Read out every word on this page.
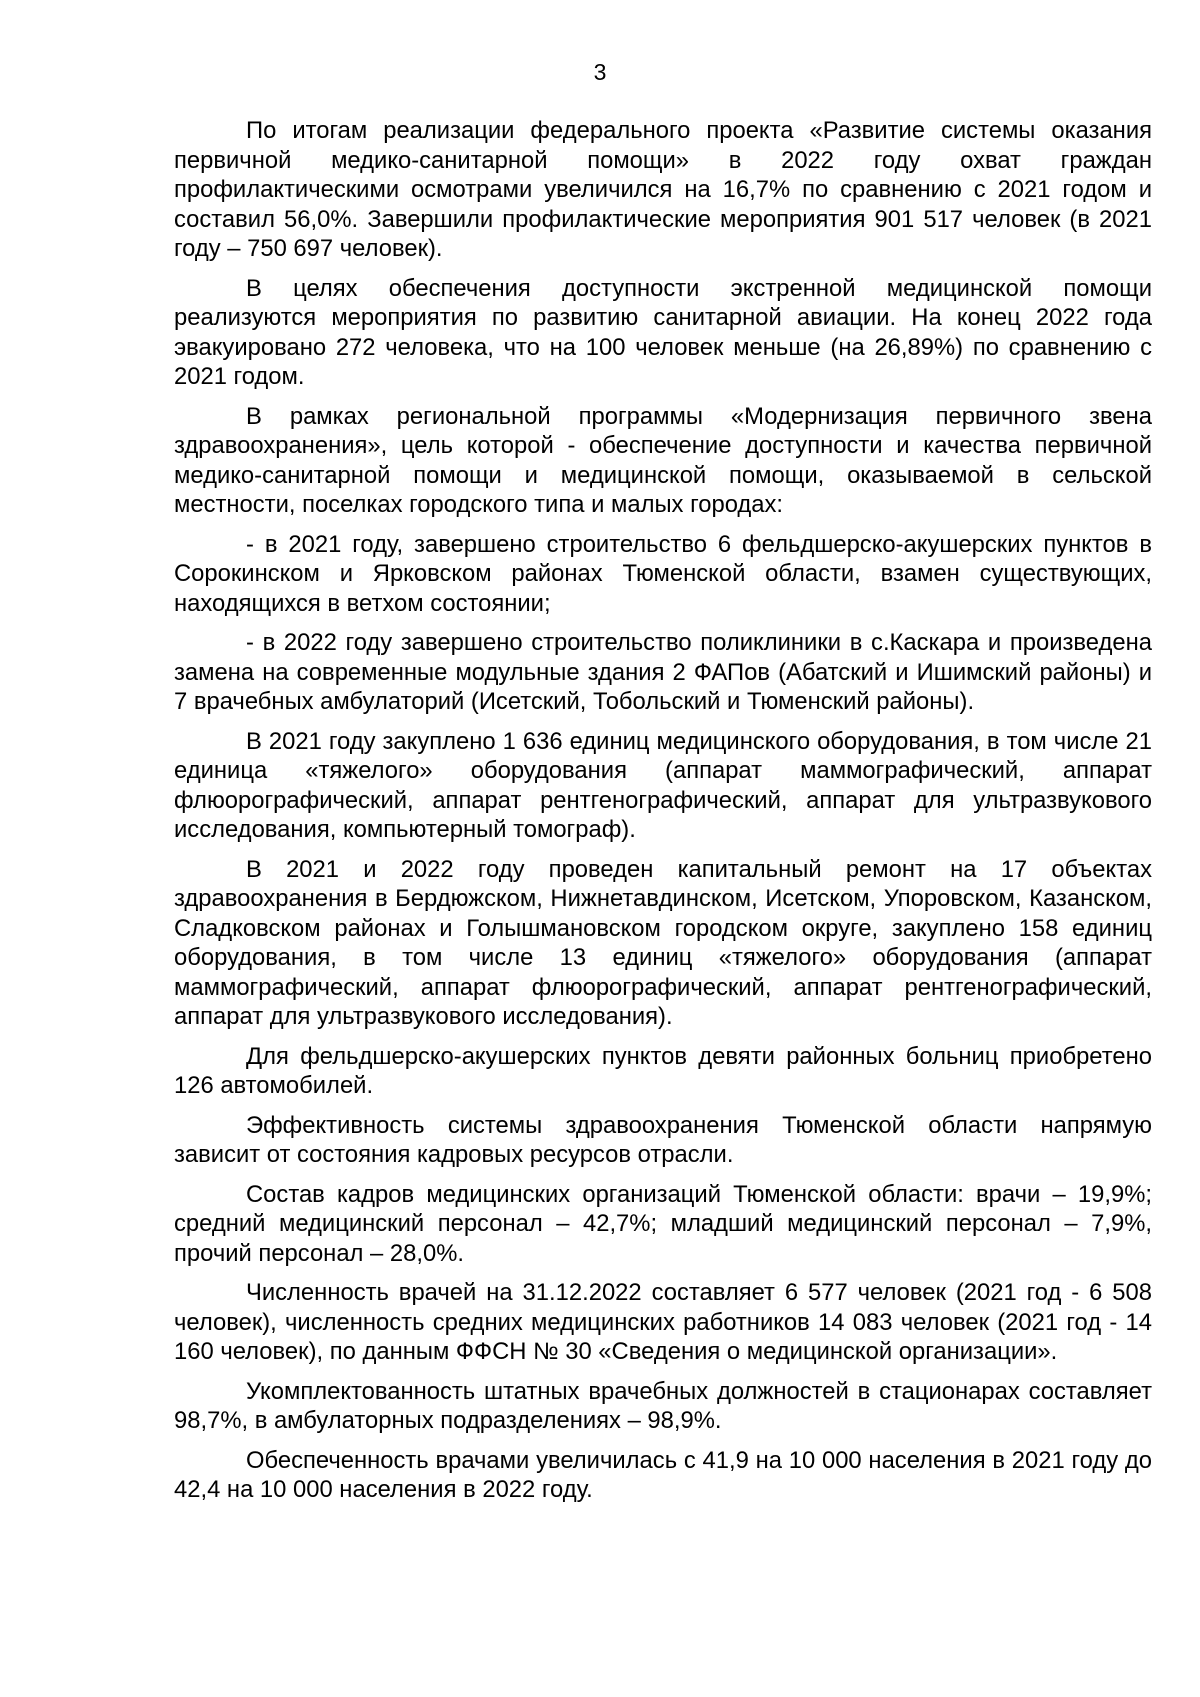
3

По итогам реализации федерального проекта «Развитие системы оказания первичной медико-санитарной помощи» в 2022 году охват граждан профилактическими осмотрами увеличился на 16,7% по сравнению с 2021 годом и составил 56,0%. Завершили профилактические мероприятия 901 517 человек (в 2021 году – 750 697 человек).

В целях обеспечения доступности экстренной медицинской помощи реализуются мероприятия по развитию санитарной авиации. На конец 2022 года эвакуировано 272 человека, что на 100 человек меньше (на 26,89%) по сравнению с 2021 годом.

В рамках региональной программы «Модернизация первичного звена здравоохранения», цель которой - обеспечение доступности и качества первичной медико-санитарной помощи и медицинской помощи, оказываемой в сельской местности, поселках городского типа и малых городах:

- в 2021 году, завершено строительство 6 фельдшерско-акушерских пунктов в Сорокинском и Ярковском районах Тюменской области, взамен существующих, находящихся в ветхом состоянии;

- в 2022 году завершено строительство поликлиники в с.Каскара и произведена замена на современные модульные здания 2 ФАПов (Абатский и Ишимский районы) и 7 врачебных амбулаторий (Исетский, Тобольский и Тюменский районы).

В 2021 году закуплено 1 636 единиц медицинского оборудования, в том числе 21 единица «тяжелого» оборудования (аппарат маммографический, аппарат флюорографический, аппарат рентгенографический, аппарат для ультразвукового исследования, компьютерный томограф).

В 2021 и 2022 году проведен капитальный ремонт на 17 объектах здравоохранения в Бердюжском, Нижнетавдинском, Исетском, Упоровском, Казанском, Сладковском районах и Голышмановском городском округе, закуплено 158 единиц оборудования, в том числе 13 единиц «тяжелого» оборудования (аппарат маммографический, аппарат флюорографический, аппарат рентгенографический, аппарат для ультразвукового исследования).

Для фельдшерско-акушерских пунктов девяти районных больниц приобретено 126 автомобилей.

Эффективность системы здравоохранения Тюменской области напрямую зависит от состояния кадровых ресурсов отрасли.

Состав кадров медицинских организаций Тюменской области: врачи – 19,9%; средний медицинский персонал – 42,7%; младший медицинский персонал – 7,9%, прочий персонал – 28,0%.

Численность врачей на 31.12.2022 составляет 6 577 человек (2021 год - 6 508 человек), численность средних медицинских работников 14 083 человек (2021 год - 14 160 человек), по данным ФФСН № 30 «Сведения о медицинской организации».

Укомплектованность штатных врачебных должностей в стационарах составляет 98,7%, в амбулаторных подразделениях – 98,9%.

Обеспеченность врачами увеличилась с 41,9 на 10 000 населения в 2021 году до 42,4 на 10 000 населения в 2022 году.
